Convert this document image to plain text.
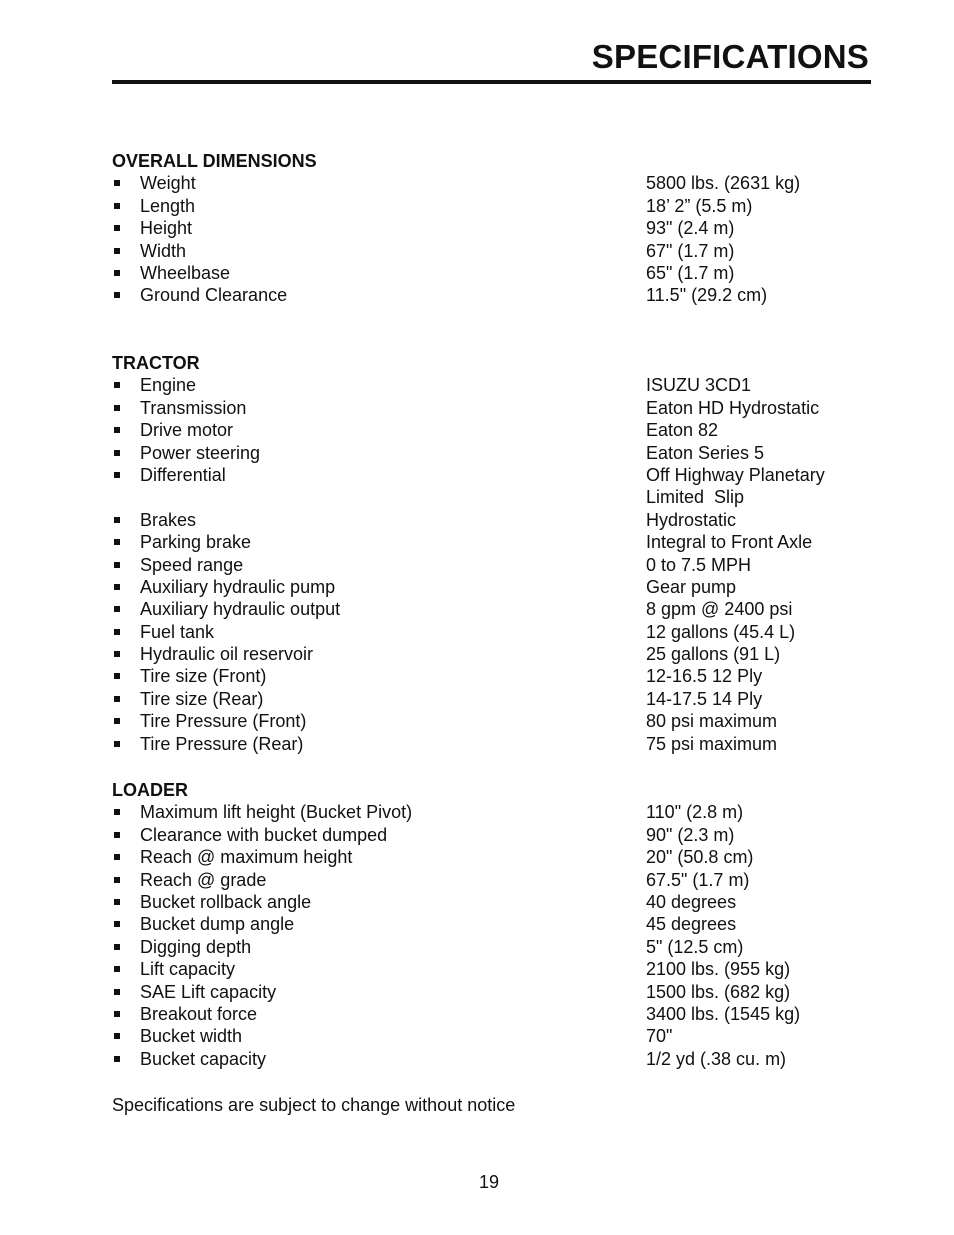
SPECIFICATIONS
OVERALL DIMENSIONS
Weight	5800 lbs. (2631 kg)
Length	18’ 2” (5.5 m)
Height	93" (2.4 m)
Width	67" (1.7 m)
Wheelbase	65" (1.7 m)
Ground Clearance	11.5" (29.2 cm)
TRACTOR
Engine	ISUZU 3CD1
Transmission	Eaton HD Hydrostatic
Drive motor	Eaton 82
Power steering	Eaton Series 5
Differential	Off Highway Planetary
Limited  Slip
Brakes	Hydrostatic
Parking brake	Integral to Front Axle
Speed range	0 to 7.5 MPH
Auxiliary hydraulic pump	Gear pump
Auxiliary hydraulic output	8 gpm @ 2400 psi
Fuel tank	12 gallons (45.4 L)
Hydraulic oil reservoir	25 gallons (91 L)
Tire size (Front)	12-16.5 12 Ply
Tire size (Rear)	14-17.5 14 Ply
Tire Pressure (Front)	80 psi maximum
Tire Pressure (Rear)	75 psi maximum
LOADER
Maximum lift height (Bucket Pivot)	110" (2.8 m)
Clearance with bucket dumped	90" (2.3 m)
Reach @ maximum height	20" (50.8 cm)
Reach @ grade	67.5" (1.7 m)
Bucket rollback angle	40 degrees
Bucket dump angle	45 degrees
Digging depth	5" (12.5 cm)
Lift capacity	2100 lbs. (955 kg)
SAE Lift capacity	1500 lbs. (682 kg)
Breakout force	3400 lbs. (1545 kg)
Bucket width	70"
Bucket capacity	1/2 yd (.38 cu. m)
Specifications are subject to change without notice
19
